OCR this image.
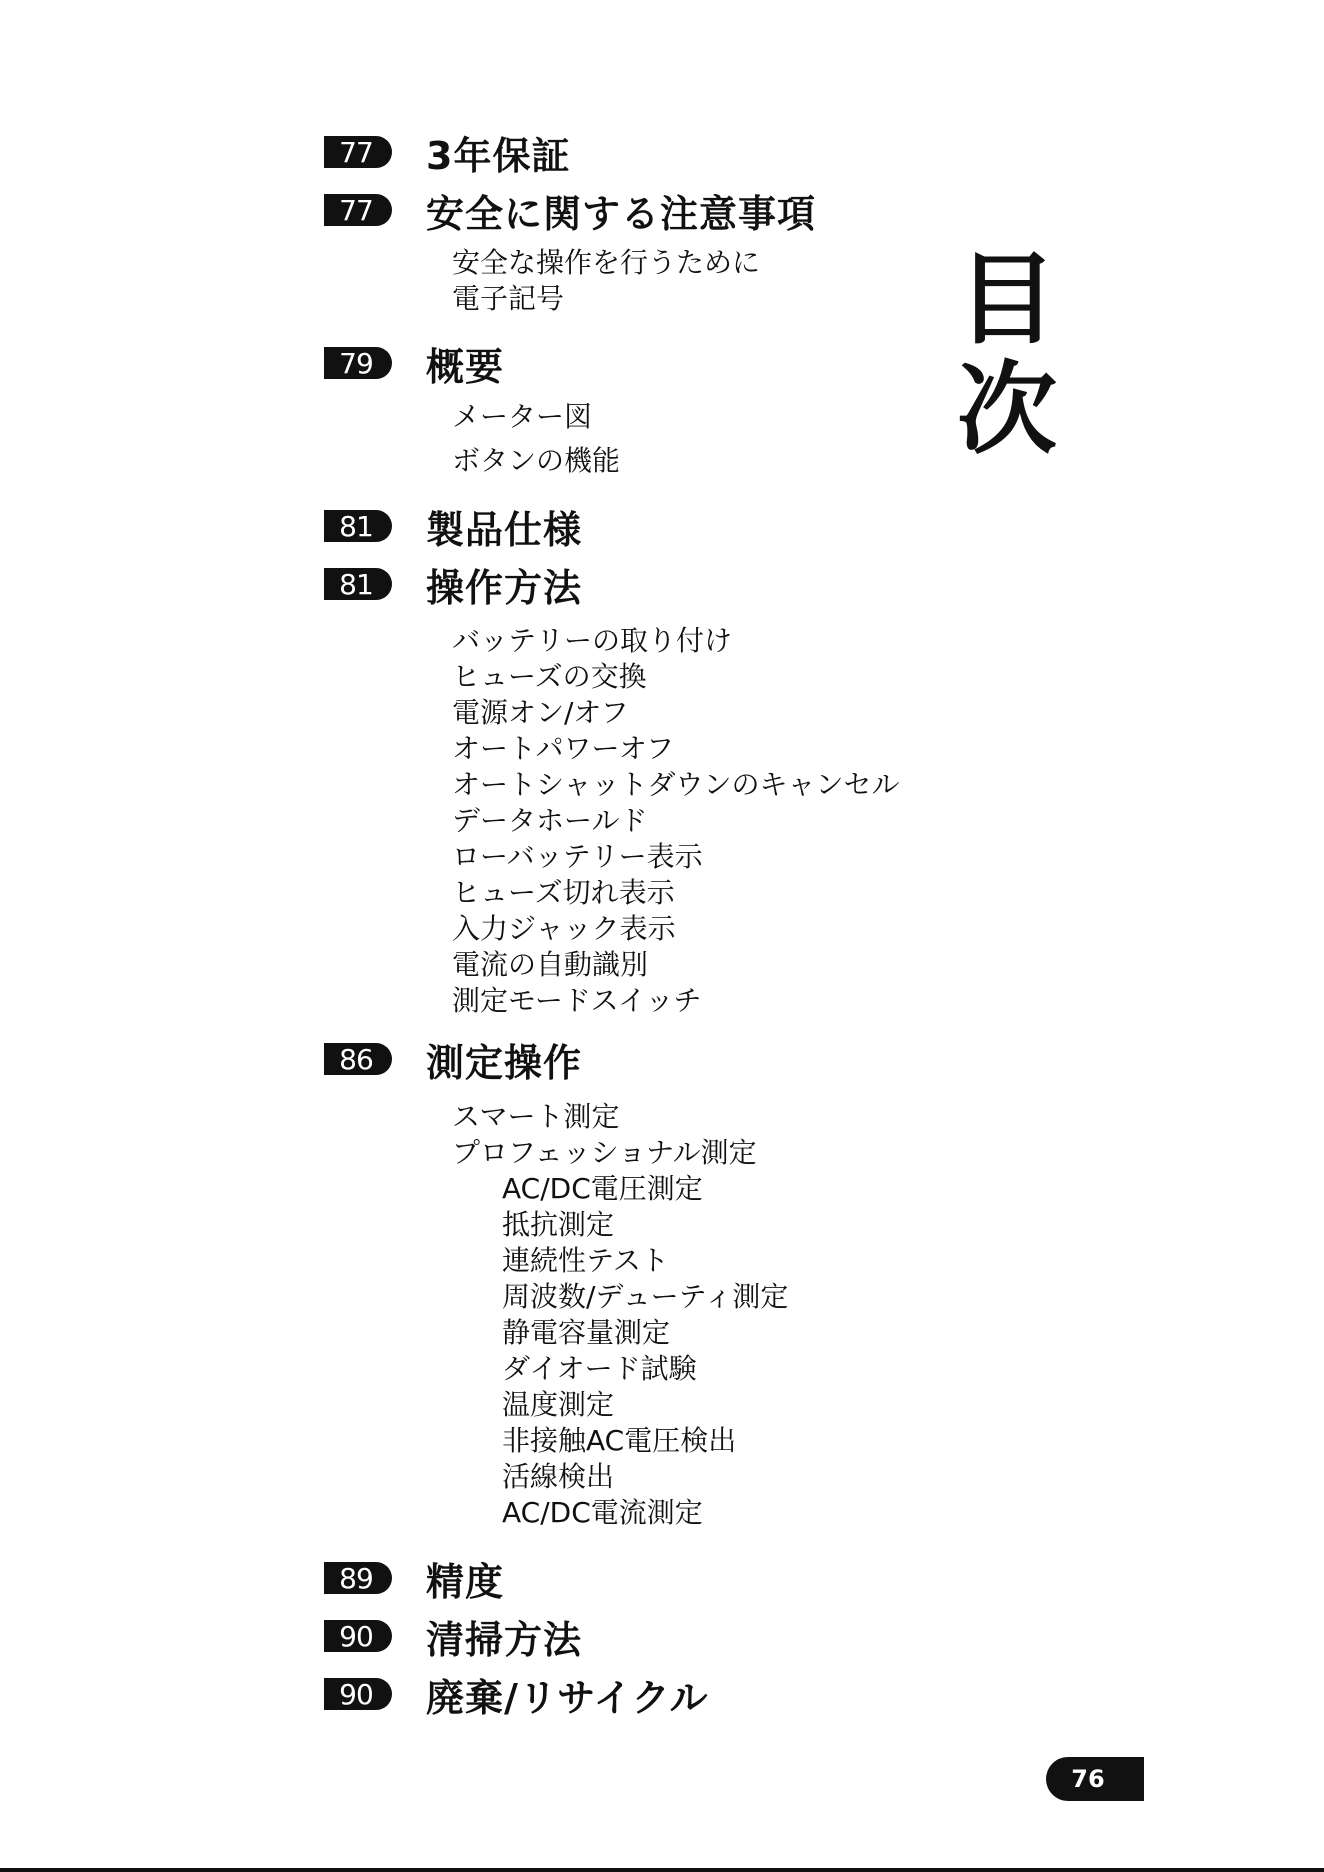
77	3年保証
77	安全に関する注意事項
安全な操作を行うために
電子記号
79	概要
メーター図
ボタンの機能
81	製品仕様
81	操作方法
バッテリーの取り付け
ヒューズの交換
電源オン/オフ
オートパワーオフ
オートシャットダウンのキャンセル
データホールド
ローバッテリー表示
ヒューズ切れ表示
入力ジャック表示
電流の自動識別
測定モードスイッチ
86	測定操作
スマート測定
プロフェッショナル測定
AC/DC電圧測定
抵抗測定
連続性テスト
周波数/デューティ測定
静電容量測定
ダイオード試験
温度測定
非接触AC電圧検出
活線検出
AC/DC電流測定
89	精度
90	清掃方法
90	廃棄/リサイクル
目
次
76
